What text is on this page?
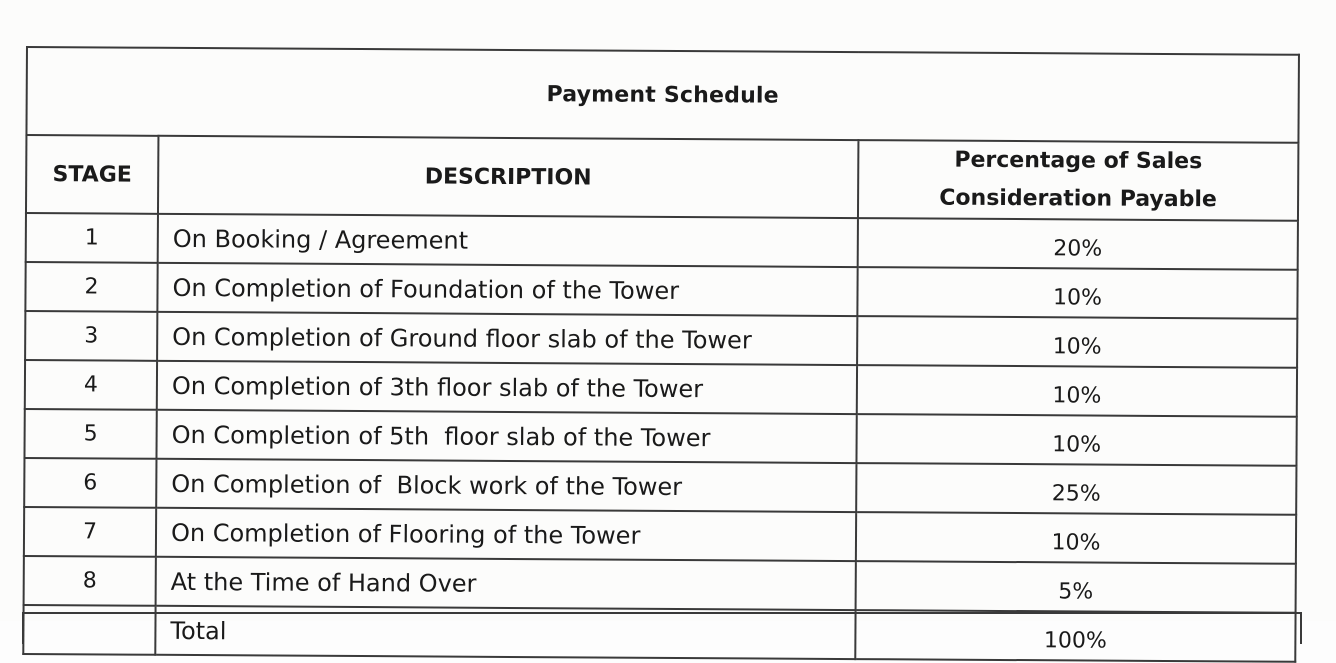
Payment Schedule		
STAGE	DESCRIPTION	Percentage of Sales
Consideration Payable

1	On Booking / Agreement	20%
2	On Completion of Foundation of the Tower	10%
3	On Completion of Ground floor slab of the Tower	10%
4	On Completion of 3th floor slab of the Tower	10%
5	On Completion of 5th  floor slab of the Tower	10%
6	On Completion of  Block work of the Tower	25%
7	On Completion of Flooring of the Tower	10%
8	At the Time of Hand Over	5%
	Total	100%
